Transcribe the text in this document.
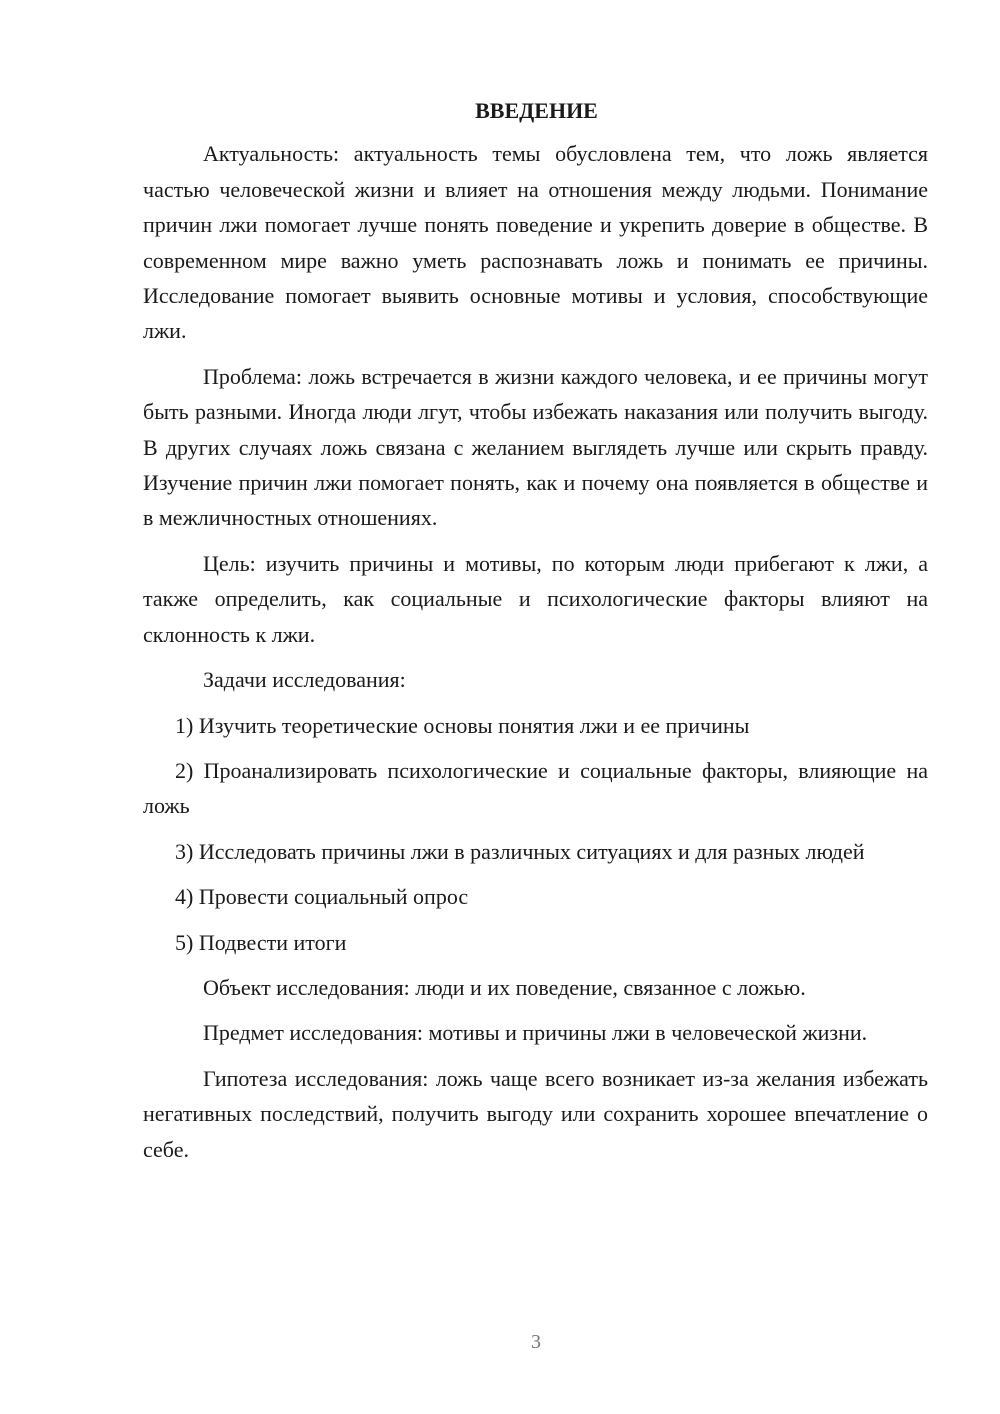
ВВЕДЕНИЕ

Актуальность: актуальность темы обусловлена тем, что ложь является частью человеческой жизни и влияет на отношения между людьми. Понимание причин лжи помогает лучше понять поведение и укрепить доверие в обществе. В современном мире важно уметь распознавать ложь и понимать ее причины. Исследование помогает выявить основные мотивы и условия, способствующие лжи.

Проблема: ложь встречается в жизни каждого человека, и ее причины могут быть разными. Иногда люди лгут, чтобы избежать наказания или получить выгоду. В других случаях ложь связана с желанием выглядеть лучше или скрыть правду. Изучение причин лжи помогает понять, как и почему она появляется в обществе и в межличностных отношениях.

Цель: изучить причины и мотивы, по которым люди прибегают к лжи, а также определить, как социальные и психологические факторы влияют на склонность к лжи.

Задачи исследования:

1) Изучить теоретические основы понятия лжи и ее причины

2) Проанализировать психологические и социальные факторы, влияющие на ложь

3) Исследовать причины лжи в различных ситуациях и для разных людей

4) Провести социальный опрос

5) Подвести итоги

Объект исследования: люди и их поведение, связанное с ложью.

Предмет исследования: мотивы и причины лжи в человеческой жизни.

Гипотеза исследования: ложь чаще всего возникает из-за желания избежать негативных последствий, получить выгоду или сохранить хорошее впечатление о себе.

3
